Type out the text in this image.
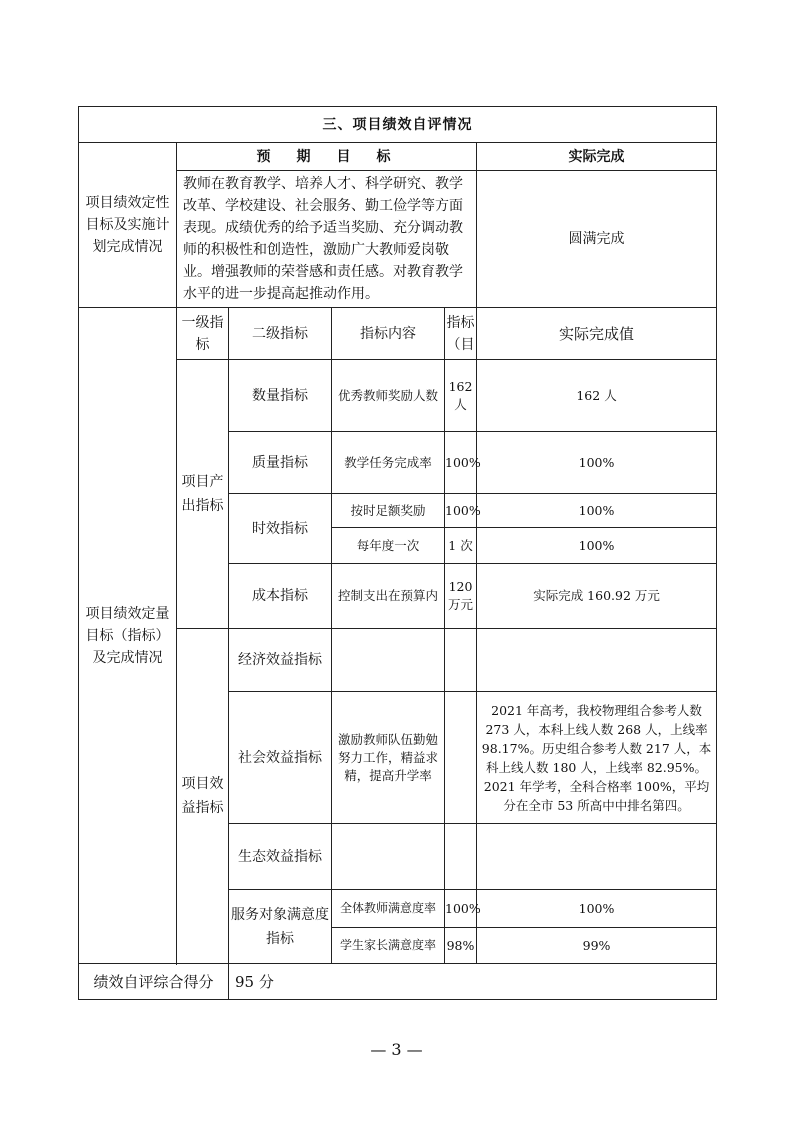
三、项目绩效自评情况					
项目绩效定性目标及实施计划完成情况	预　期　目　标				实际完成
	教师在教育教学、培养人才、科学研究、教学改革、学校建设、社会服务、勤工俭学等方面表现。成绩优秀的给予适当奖励、充分调动教师的积极性和创造性，激励广大教师爱岗敬业。增强教师的荣誉感和责任感。对教育教学水平的进一步提高起推动作用。				圆满完成
项目绩效定量目标（指标）及完成情况	一级指标	二级指标	指标内容	指标（目	实际完成值
	项目产出指标	数量指标	优秀教师奖励人数	162人	162 人
		质量指标	教学任务完成率	100%	100%
		时效指标	按时足额奖励	100%	100%
			每年度一次	1 次	100%
		成本指标	控制支出在预算内	120万元	实际完成 160.92 万元

	项目效益指标	经济效益指标			
		社会效益指标	激励教师队伍勤勉努力工作，精益求精，提高升学率		2021 年高考，我校物理组合参考人数 273 人，本科上线人数 268 人，上线率 98.17%。历史组合参考人数 217 人，本科上线人数 180 人，上线率 82.95%。2021 年学考，全科合格率 100%，平均分在全市 53 所高中中排名第四。
		生态效益指标			
		服务对象满意度指标	全体教师满意度率	100%	100%
			学生家长满意度率	98%	99%

绩效自评综合得分		95 分			
— 3 —
